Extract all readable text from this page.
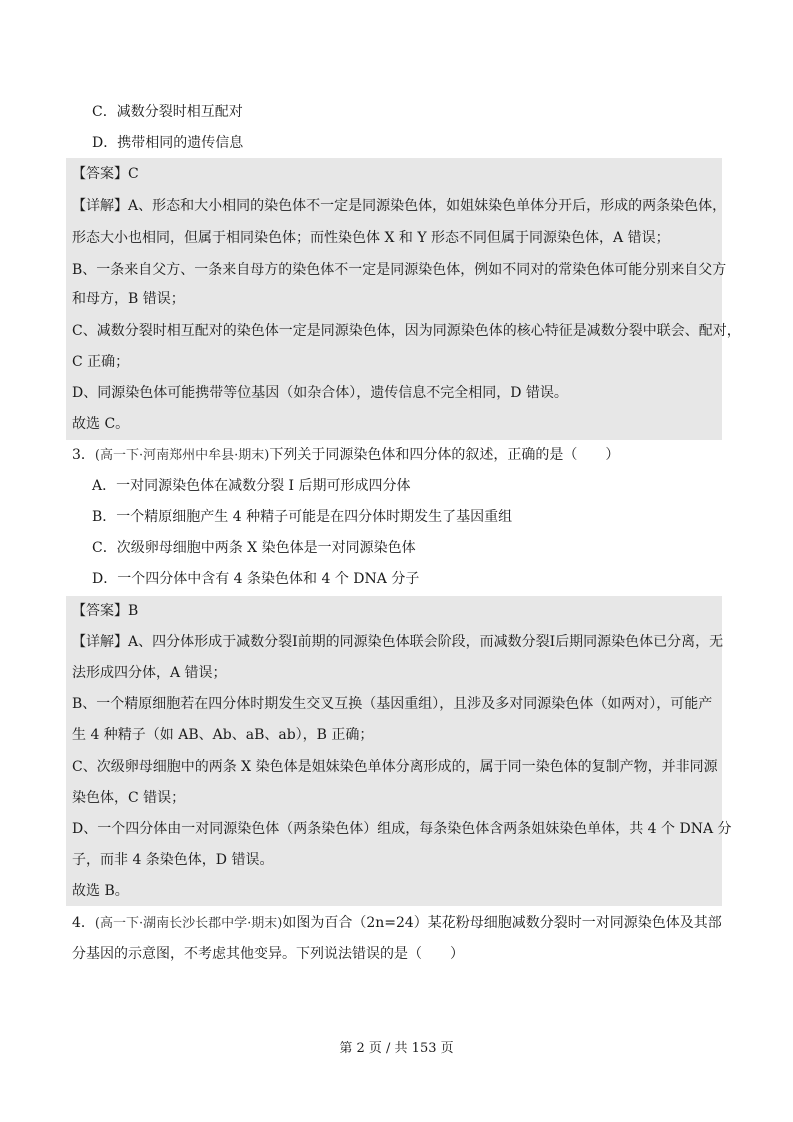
C．减数分裂时相互配对
D．携带相同的遗传信息
【答案】C
【详解】A、形态和大小相同的染色体不一定是同源染色体，如姐妹染色单体分开后，形成的两条染色体，
形态大小也相同，但属于相同染色体；而性染色体 X 和 Y 形态不同但属于同源染色体，A 错误；
B、一条来自父方、一条来自母方的染色体不一定是同源染色体，例如不同对的常染色体可能分别来自父方
和母方，B 错误；
C、减数分裂时相互配对的染色体一定是同源染色体，因为同源染色体的核心特征是减数分裂中联会、配对，
C 正确；
D、同源染色体可能携带等位基因（如杂合体），遗传信息不完全相同，D 错误。
故选 C。
3．(高一下·河南郑州中牟县·期末)下列关于同源染色体和四分体的叙述，正确的是（　　）
A．一对同源染色体在减数分裂 I 后期可形成四分体
B．一个精原细胞产生 4 种精子可能是在四分体时期发生了基因重组
C．次级卵母细胞中两条 X 染色体是一对同源染色体
D．一个四分体中含有 4 条染色体和 4 个 DNA 分子
【答案】B
【详解】A、四分体形成于减数分裂Ⅰ前期的同源染色体联会阶段，而减数分裂Ⅰ后期同源染色体已分离，无
法形成四分体，A 错误；
B、一个精原细胞若在四分体时期发生交叉互换（基因重组），且涉及多对同源染色体（如两对），可能产
生 4 种精子（如 AB、Ab、aB、ab），B 正确；
C、次级卵母细胞中的两条 X 染色体是姐妹染色单体分离形成的，属于同一染色体的复制产物，并非同源
染色体，C 错误；
D、一个四分体由一对同源染色体（两条染色体）组成，每条染色体含两条姐妹染色单体，共 4 个 DNA 分
子，而非 4 条染色体，D 错误。
故选 B。
4．(高一下·湖南长沙长郡中学·期末)如图为百合（2n=24）某花粉母细胞减数分裂时一对同源染色体及其部
分基因的示意图，不考虑其他变异。下列说法错误的是（　　）
第 2 页 / 共 153 页
